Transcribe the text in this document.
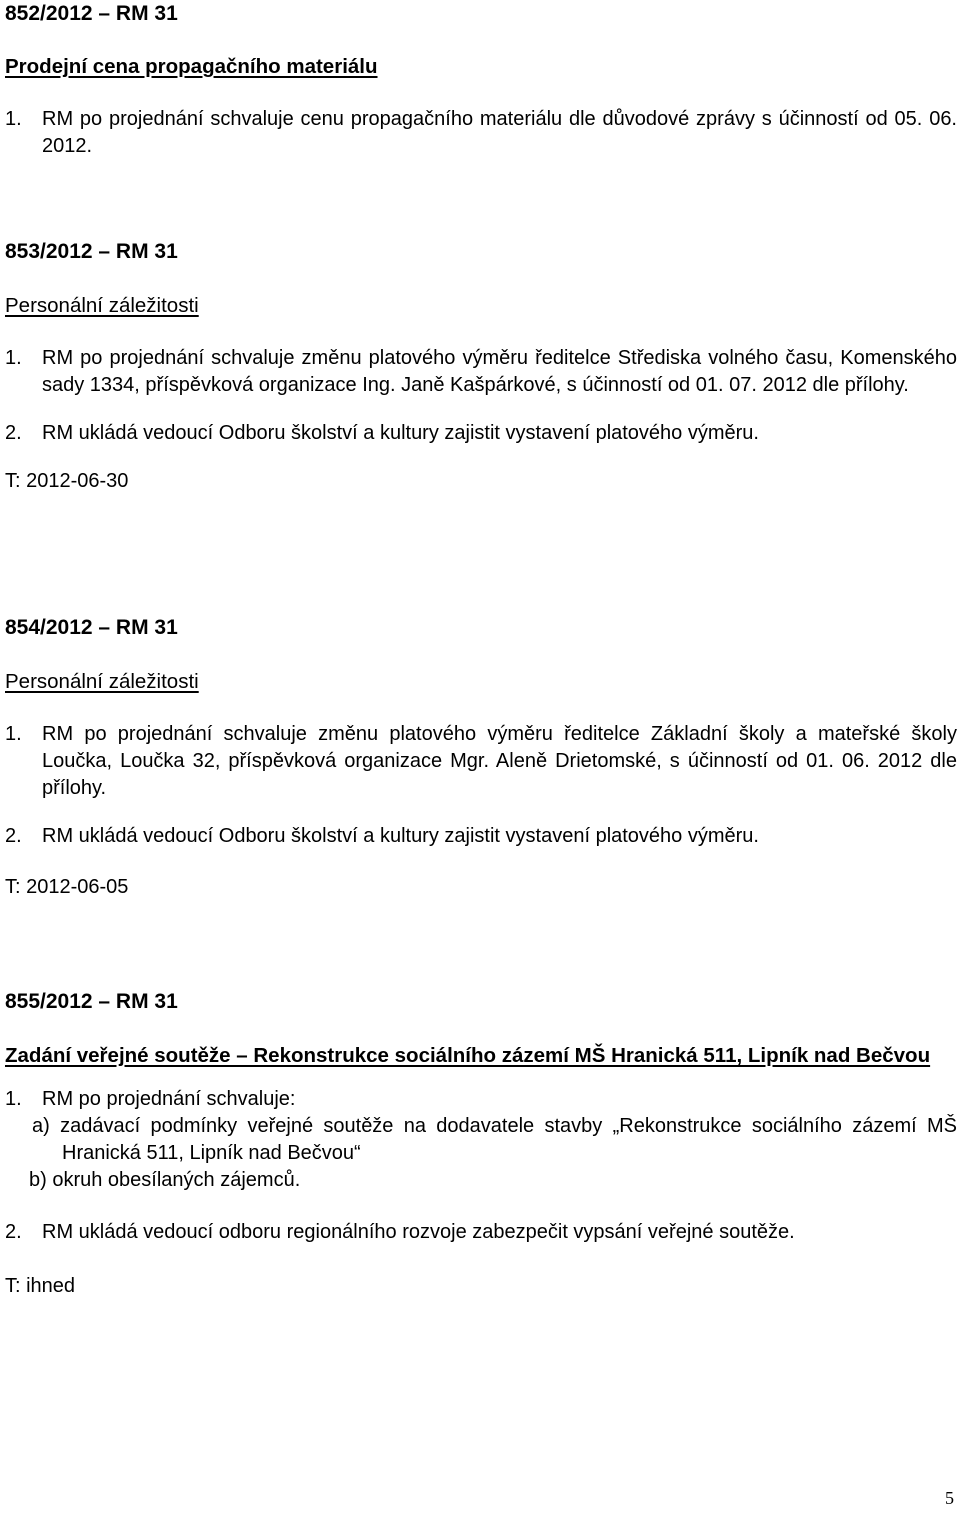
852/2012 – RM 31

Prodejní cena propagačního materiálu

1. RM po projednání schvaluje cenu propagačního materiálu dle důvodové zprávy s účinností od 05. 06. 2012.

853/2012 – RM 31

Personální záležitosti

1. RM po projednání schvaluje změnu platového výměru ředitelce Střediska volného času, Komenského sady 1334, příspěvková organizace Ing. Janě Kašpárkové, s účinností od 01. 07. 2012 dle přílohy.

2. RM ukládá vedoucí Odboru školství a kultury zajistit vystavení platového výměru.

T: 2012-06-30

854/2012 – RM 31

Personální záležitosti

1. RM po projednání schvaluje změnu platového výměru ředitelce Základní školy a mateřské školy Loučka, Loučka 32, příspěvková organizace Mgr. Aleně Drietomské, s účinností od 01. 06. 2012 dle přílohy.

2. RM ukládá vedoucí Odboru školství a kultury zajistit vystavení platového výměru.

T: 2012-06-05

855/2012 – RM 31

Zadání veřejné soutěže – Rekonstrukce sociálního zázemí MŠ Hranická 511, Lipník nad Bečvou

1. RM po projednání schvaluje:

a) zadávací podmínky veřejné soutěže na dodavatele stavby „Rekonstrukce sociálního zázemí MŠ Hranická 511, Lipník nad Bečvou“

b) okruh obesílaných zájemců.

2. RM ukládá vedoucí odboru regionálního rozvoje zabezpečit vypsání veřejné soutěže.

T: ihned

5
